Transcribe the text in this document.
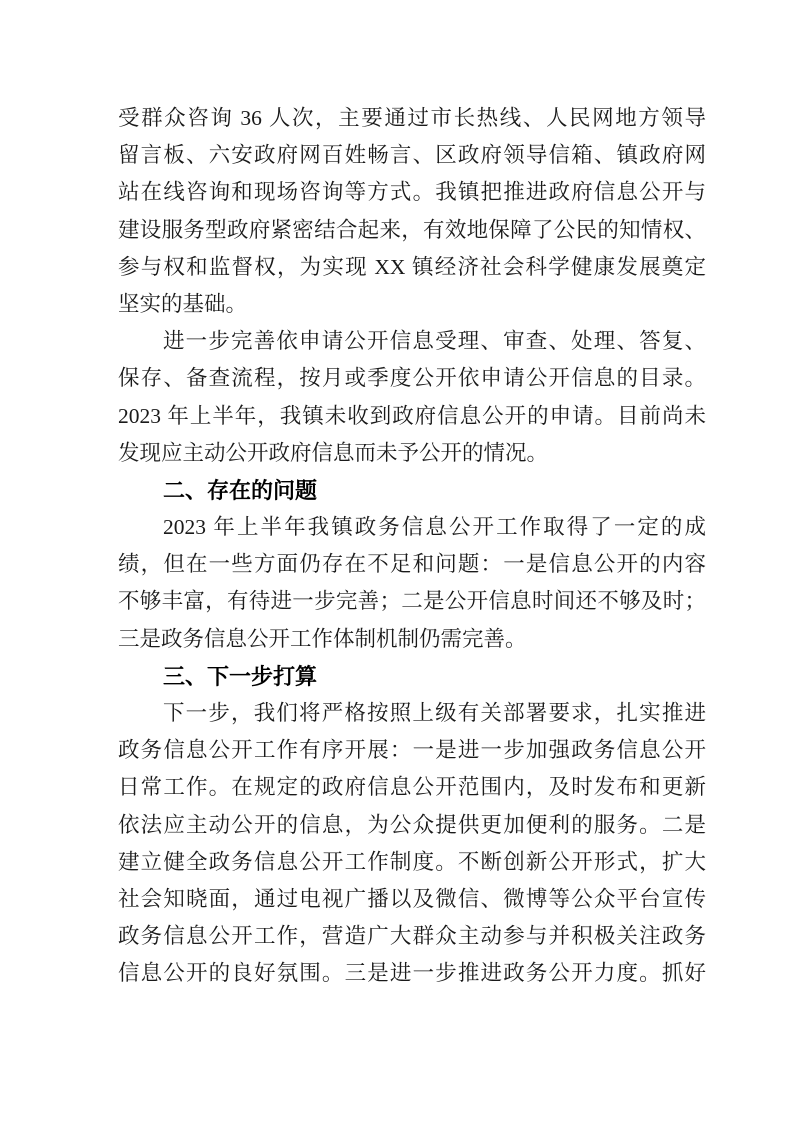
受群众咨询 36 人次，主要通过市长热线、人民网地方领导
留言板、六安政府网百姓畅言、区政府领导信箱、镇政府网
站在线咨询和现场咨询等方式。我镇把推进政府信息公开与
建设服务型政府紧密结合起来，有效地保障了公民的知情权、
参与权和监督权，为实现 XX 镇经济社会科学健康发展奠定
坚实的基础。
进一步完善依申请公开信息受理、审查、处理、答复、
保存、备查流程，按月或季度公开依申请公开信息的目录。
2023 年上半年，我镇未收到政府信息公开的申请。目前尚未
发现应主动公开政府信息而未予公开的情况。
二、存在的问题
2023 年上半年我镇政务信息公开工作取得了一定的成
绩，但在一些方面仍存在不足和问题：一是信息公开的内容
不够丰富，有待进一步完善；二是公开信息时间还不够及时；
三是政务信息公开工作体制机制仍需完善。
三、下一步打算
下一步，我们将严格按照上级有关部署要求，扎实推进
政务信息公开工作有序开展：一是进一步加强政务信息公开
日常工作。在规定的政府信息公开范围内，及时发布和更新
依法应主动公开的信息，为公众提供更加便利的服务。二是
建立健全政务信息公开工作制度。不断创新公开形式，扩大
社会知晓面，通过电视广播以及微信、微博等公众平台宣传
政务信息公开工作，营造广大群众主动参与并积极关注政务
信息公开的良好氛围。三是进一步推进政务公开力度。抓好
